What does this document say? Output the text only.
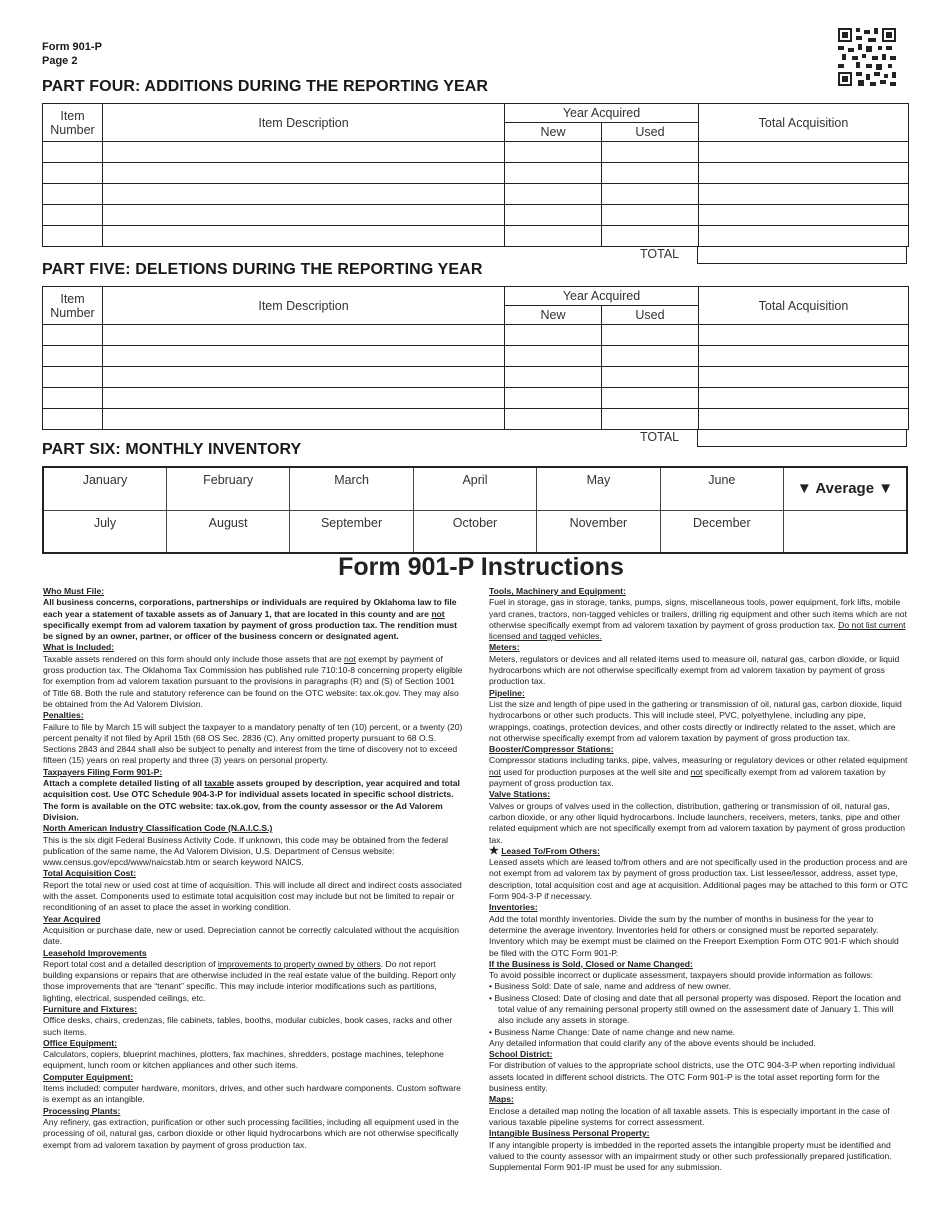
Form 901-P
Page 2
PART FOUR: ADDITIONS DURING THE REPORTING YEAR
Item Number	Item Description	Year Acquired		Total Acquisition
		New	Used	

TOTAL
PART FIVE: DELETIONS DURING THE REPORTING YEAR
Item Number	Item Description	Year Acquired		Total Acquisition
		New	Used	

TOTAL
PART SIX: MONTHLY INVENTORY
January	February	March	April	May	June	▼ Average ▼
July	August	September	October	November	December	
Form 901-P Instructions
Who Must File:

All business concerns, corporations, partnerships or individuals are required by Oklahoma law to file each year a statement of taxable assets as of January 1, that are located in this county and are not specifically exempt from ad valorem taxation by payment of gross production tax. The rendition must be signed by an owner, partner, or officer of the business concern or designated agent.

What is Included:

Taxable assets rendered on this form should only include those assets that are not exempt by payment of gross production tax. The Oklahoma Tax Commission has published rule 710:10-8 concerning property eligible for exemption from ad valorem taxation pursuant to the provisions in paragraphs (R) and (S) of Section 1001 of Title 68. Both the rule and statutory reference can be found on the OTC website: tax.ok.gov. They may also be obtained from the Ad Valorem Division.

Penalties:

Failure to file by March 15 will subject the taxpayer to a mandatory penalty of ten (10) percent, or a twenty (20) percent penalty if not filed by April 15th (68 OS Sec. 2836 (C). Any omitted property pursuant to 68 O.S. Sections 2843 and 2844 shall also be subject to penalty and interest from the time of discovery not to exceed fifteen (15) years on real property and three (3) years on personal property.

Taxpayers Filing Form 901-P:

Attach a complete detailed listing of all taxable assets grouped by description, year acquired and total acquisition cost. Use OTC Schedule 904-3-P for individual assets located in specific school districts. The form is available on the OTC website: tax.ok.gov, from the county assessor or the Ad Valorem Division.

North American Industry Classification Code (N.A.I.C.S.)

This is the six digit Federal Business Activity Code. If unknown, this code may be obtained from the federal publication of the same name, the Ad Valorem Division, U.S. Department of Census website: www.census.gov/epcd/www/naicstab.htm or search keyword NAICS.

Total Acquisition Cost:

Report the total new or used cost at time of acquisition. This will include all direct and indirect costs associated with the asset. Components used to estimate total acquisition cost may include but not be limited to repair or reconditioning of an asset to place the asset in working condition.

Year Acquired

Acquisition or purchase date, new or used. Depreciation cannot be correctly calculated without the acquisition date.

Leasehold Improvements

Report total cost and a detailed description of improvements to property owned by others. Do not report building expansions or repairs that are otherwise included in the real estate value of the building. Report only those improvements that are “tenant” specific. This may include interior modifications such as partitions, lighting, electrical, suspended ceilings, etc.

Furniture and Fixtures:

Office desks, chairs, credenzas, file cabinets, tables, booths, modular cubicles, book cases, racks and other such items.

Office Equipment:

Calculators, copiers, blueprint machines, plotters, fax machines, shredders, postage machines, telephone equipment, lunch room or kitchen appliances and other such items.

Computer Equipment:

Items included: computer hardware, monitors, drives, and other such hardware components. Custom software is exempt as an intangible.

Processing Plants:

Any refinery, gas extraction, purification or other such processing facilities, including all equipment used in the processing of oil, natural gas, carbon dioxide or other liquid hydrocarbons which are not otherwise specifically exempt from ad valorem taxation by payment of gross production tax.

Tools, Machinery and Equipment:

Fuel in storage, gas in storage, tanks, pumps, signs, miscellaneous tools, power equipment, fork lifts, mobile yard cranes, tractors, non-tagged vehicles or trailers, drilling rig equipment and other such items which are not otherwise specifically exempt from ad valorem taxation by payment of gross production tax. Do not list current licensed and tagged vehicles.

Meters:

Meters, regulators or devices and all related items used to measure oil, natural gas, carbon dioxide, or liquid hydrocarbons which are not otherwise specifically exempt from ad valorem taxation by payment of gross production tax.

Pipeline:

List the size and length of pipe used in the gathering or transmission of oil, natural gas, carbon dioxide, liquid hydrocarbons or other such products. This will include steel, PVC, polyethylene, including any pipe, wrappings, coatings, protection devices, and other costs directly or indirectly related to the asset, which are not otherwise specifically exempt from ad valorem taxation by payment of gross production tax.

Booster/Compressor Stations:

Compressor stations including tanks, pipe, valves, measuring or regulatory devices or other related equipment not used for production purposes at the well site and not specifically exempt from ad valorem taxation by payment of gross production tax.

Valve Stations:

Valves or groups of valves used in the collection, distribution, gathering or transmission of oil, natural gas, carbon dioxide, or any other liquid hydrocarbons. Include launchers, receivers, meters, tanks, pipe and other related equipment which are not specifically exempt from ad valorem taxation by payment of gross production tax.

★ Leased To/From Others:

Leased assets which are leased to/from others and are not specifically used in the production process and are not exempt from ad valorem tax by payment of gross production tax. List lessee/lessor, address, asset type, description, total acquisition cost and age at acquisition. Additional pages may be attached to this form or OTC Form 904-3-P if necessary.

Inventories:

Add the total monthly inventories. Divide the sum by the number of months in business for the year to determine the average inventory. Inventories held for others or consigned must be reported separately. Inventory which may be exempt must be claimed on the Freeport Exemption Form OTC 901-F which should be filed with the OTC Form 901-P.

If the Business is Sold, Closed or Name Changed:

To avoid possible incorrect or duplicate assessment, taxpayers should provide information as follows:

• Business Sold: Date of sale, name and address of new owner.
• Business Closed: Date of closing and date that all personal property was disposed. Report the location and total value of any remaining personal property still owned on the assessment date of January 1. This will also include any assets in storage.
• Business Name Change: Date of name change and new name.

Any detailed information that could clarify any of the above events should be included.

School District:

For distribution of values to the appropriate school districts, use the OTC 904-3-P when reporting individual assets located in different school districts. The OTC Form 901-P is the total asset reporting form for the business entity.

Maps:

Enclose a detailed map noting the location of all taxable assets. This is especially important in the case of various taxable pipeline systems for correct assessment.

Intangible Business Personal Property:

If any intangible property is imbedded in the reported assets the intangible property must be identified and valued to the county assessor with an impairment study or other such professionally prepared justification. Supplemental Form 901-IP must be used for any submission.
